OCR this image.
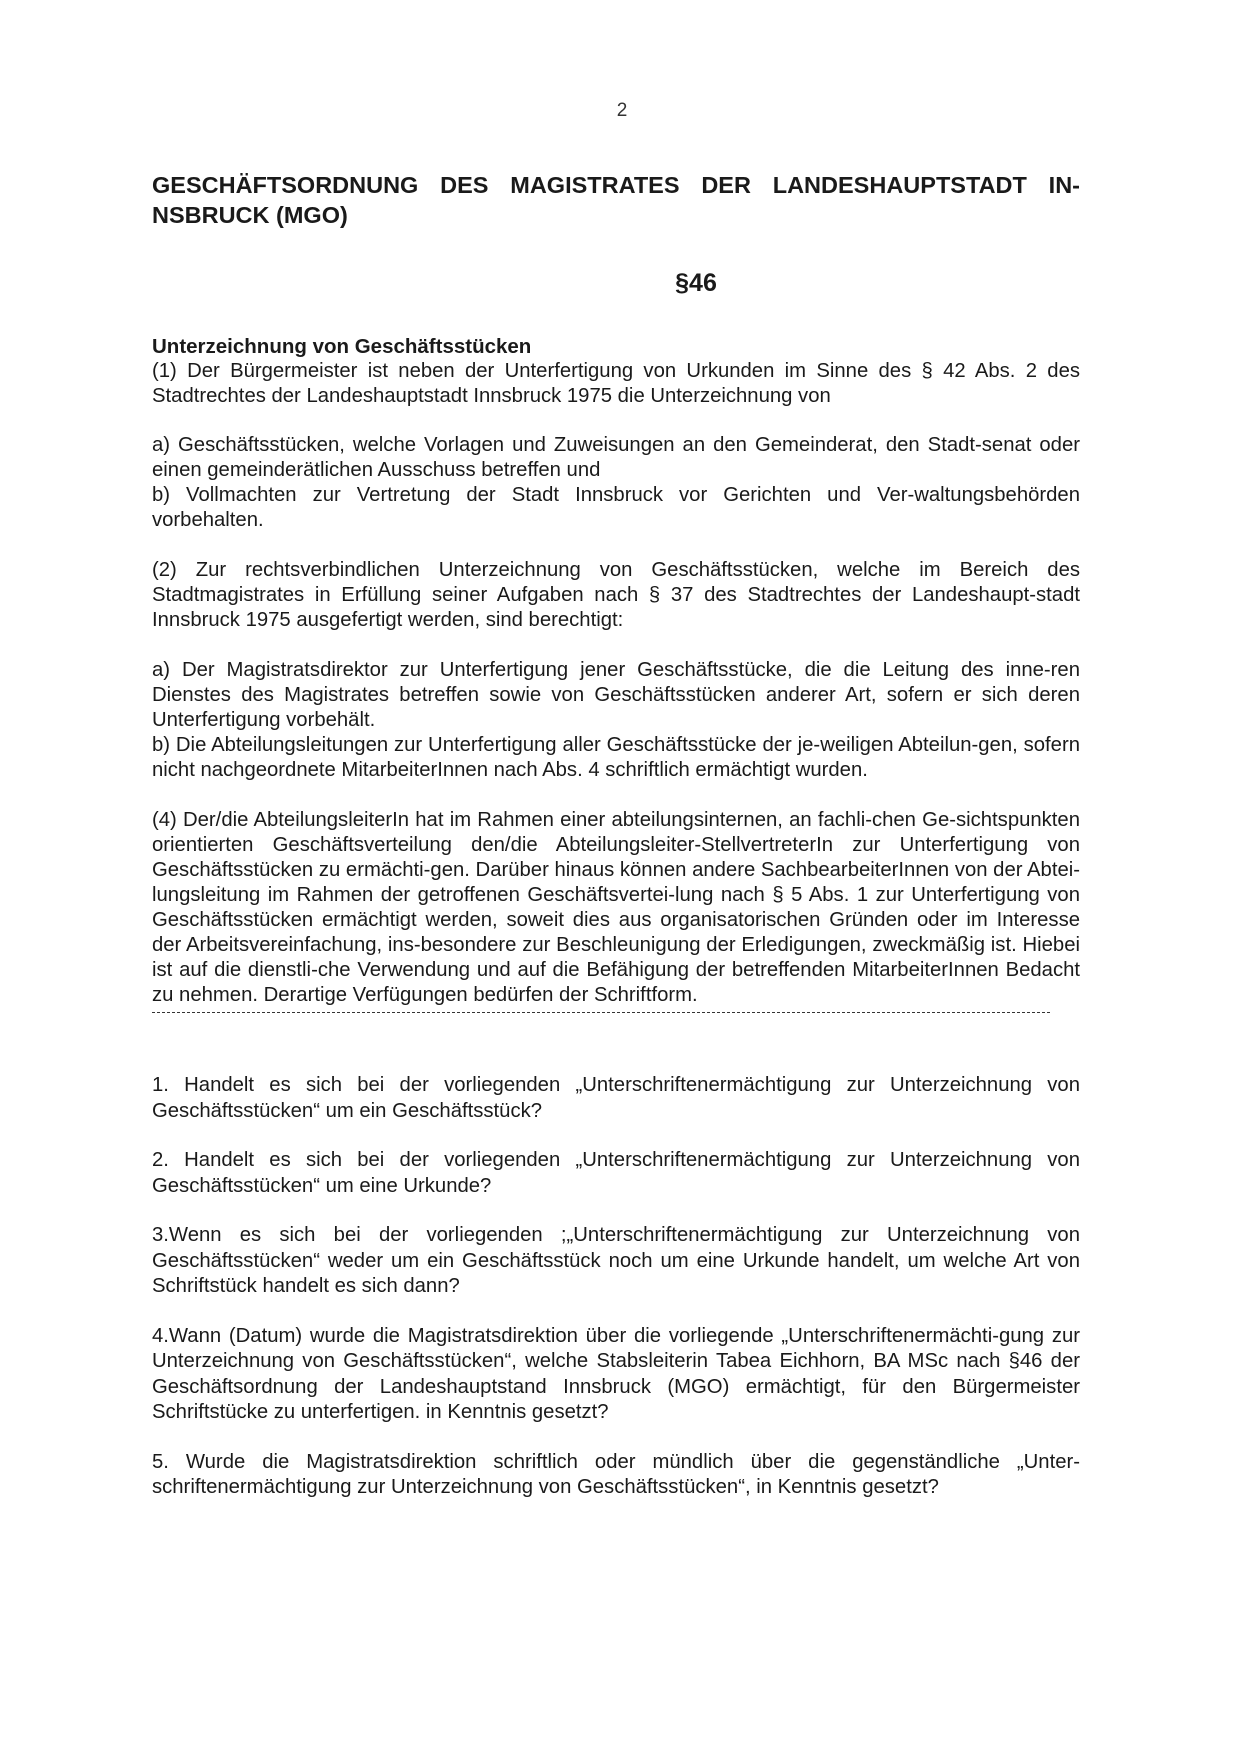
2
GESCHÄFTSORDNUNG DES MAGISTRATES DER LANDESHAUPTSTADT IN-NSBRUCK (MGO)
§46
Unterzeichnung von Geschäftsstücken

(1) Der Bürgermeister ist neben der Unterfertigung von Urkunden im Sinne des § 42 Abs. 2 des Stadtrechtes der Landeshauptstadt Innsbruck 1975 die Unterzeichnung von

a) Geschäftsstücken, welche Vorlagen und Zuweisungen an den Gemeinderat, den Stadt-senat oder einen gemeinderätlichen Ausschuss betreffen und

b) Vollmachten zur Vertretung der Stadt Innsbruck vor Gerichten und Ver-waltungsbehörden vorbehalten.

(2) Zur rechtsverbindlichen Unterzeichnung von Geschäftsstücken, welche im Bereich des Stadtmagistrates in Erfüllung seiner Aufgaben nach § 37 des Stadtrechtes der Landeshaupt-stadt Innsbruck 1975 ausgefertigt werden, sind berechtigt:

a) Der Magistratsdirektor zur Unterfertigung jener Geschäftsstücke, die die Leitung des inne-ren Dienstes des Magistrates betreffen sowie von Geschäftsstücken anderer Art, sofern er sich deren Unterfertigung vorbehält.

b) Die Abteilungsleitungen zur Unterfertigung aller Geschäftsstücke der je-weiligen Abteilun-gen, sofern nicht nachgeordnete MitarbeiterInnen nach Abs. 4 schriftlich ermächtigt wurden.

(4) Der/die AbteilungsleiterIn hat im Rahmen einer abteilungsinternen, an fachli-chen Ge-sichtspunkten orientierten Geschäftsverteilung den/die Abteilungsleiter-StellvertreterIn zur Unterfertigung von Geschäftsstücken zu ermächti-gen. Darüber hinaus können andere SachbearbeiterInnen von der Abtei-lungsleitung im Rahmen der getroffenen Geschäftsvertei-lung nach § 5 Abs. 1 zur Unterfertigung von Geschäftsstücken ermächtigt werden, soweit dies aus organisatorischen Gründen oder im Interesse der Arbeitsvereinfachung, ins-besondere zur Beschleunigung der Erledigungen, zweckmäßig ist. Hiebei ist auf die dienstli-che Verwendung und auf die Befähigung der betreffenden MitarbeiterInnen Bedacht zu nehmen. Derartige Verfügungen bedürfen der Schriftform.

1. Handelt es sich bei der vorliegenden „Unterschriftenermächtigung zur Unterzeichnung von Geschäftsstücken“ um ein Geschäftsstück?

2. Handelt es sich bei der vorliegenden „Unterschriftenermächtigung zur Unterzeichnung von Geschäftsstücken“ um eine Urkunde?

3.Wenn es sich bei der vorliegenden ;„Unterschriftenermächtigung zur Unterzeichnung von Geschäftsstücken“ weder um ein Geschäftsstück noch um eine Urkunde handelt, um welche Art von Schriftstück handelt es sich dann?

4.Wann (Datum) wurde die Magistratsdirektion über die vorliegende „Unterschriftenermächti-gung zur Unterzeichnung von Geschäftsstücken“, welche Stabsleiterin Tabea Eichhorn, BA MSc nach §46 der Geschäftsordnung der Landeshauptstand Innsbruck (MGO) ermächtigt, für den Bürgermeister Schriftstücke zu unterfertigen. in Kenntnis gesetzt?

5. Wurde die Magistratsdirektion schriftlich oder mündlich über die gegenständliche „Unter-schriftenermächtigung zur Unterzeichnung von Geschäftsstücken“, in Kenntnis gesetzt?
